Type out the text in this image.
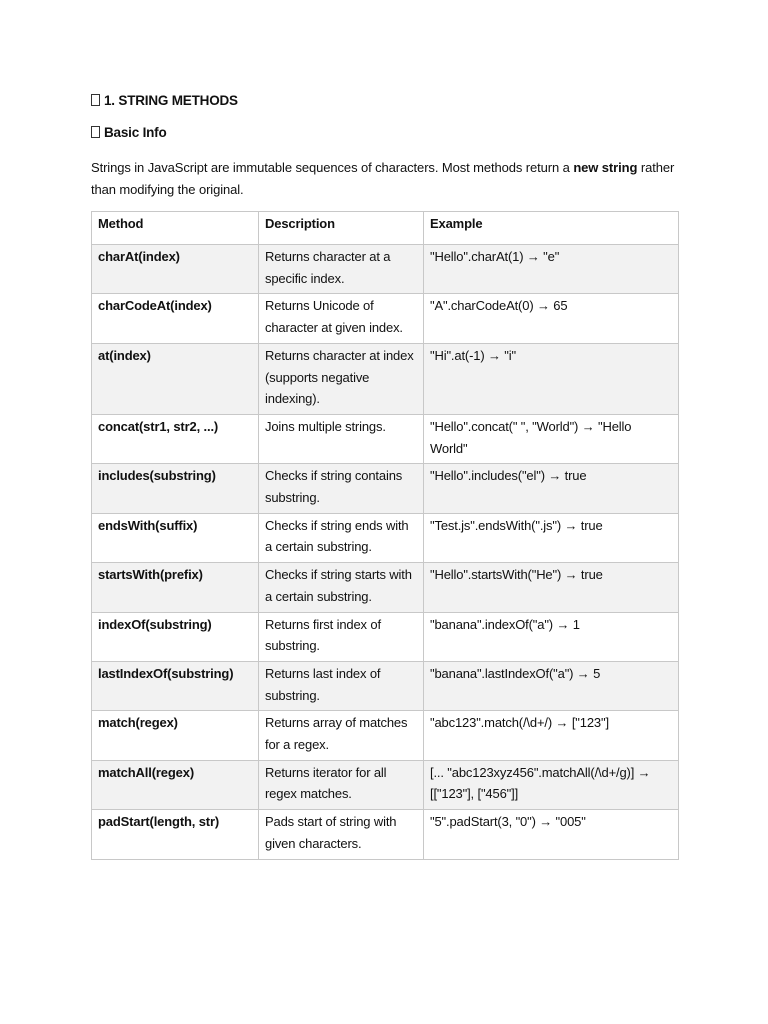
1. STRING METHODS
Basic Info
Strings in JavaScript are immutable sequences of characters. Most methods return a new string rather than modifying the original.
Method	Description	Example
charAt(index)	Returns character at a specific index.	"Hello".charAt(1) → "e"
charCodeAt(index)	Returns Unicode of character at given index.	"A".charCodeAt(0) → 65
at(index)	Returns character at index (supports negative indexing).	"Hi".at(-1) → "i"
concat(str1, str2, ...)	Joins multiple strings.	"Hello".concat(" ", "World") → "Hello World"
includes(substring)	Checks if string contains substring.	"Hello".includes("el") → true
endsWith(suffix)	Checks if string ends with a certain substring.	"Test.js".endsWith(".js") → true
startsWith(prefix)	Checks if string starts with a certain substring.	"Hello".startsWith("He") → true
indexOf(substring)	Returns first index of substring.	"banana".indexOf("a") → 1
lastIndexOf(substring)	Returns last index of substring.	"banana".lastIndexOf("a") → 5
match(regex)	Returns array of matches for a regex.	"abc123".match(/\d+/) → ["123"]
matchAll(regex)	Returns iterator for all regex matches.	[... "abc123xyz456".matchAll(/\d+/g)] → [["123"], ["456"]]
padStart(length, str)	Pads start of string with given characters.	"5".padStart(3, "0") → "005"
